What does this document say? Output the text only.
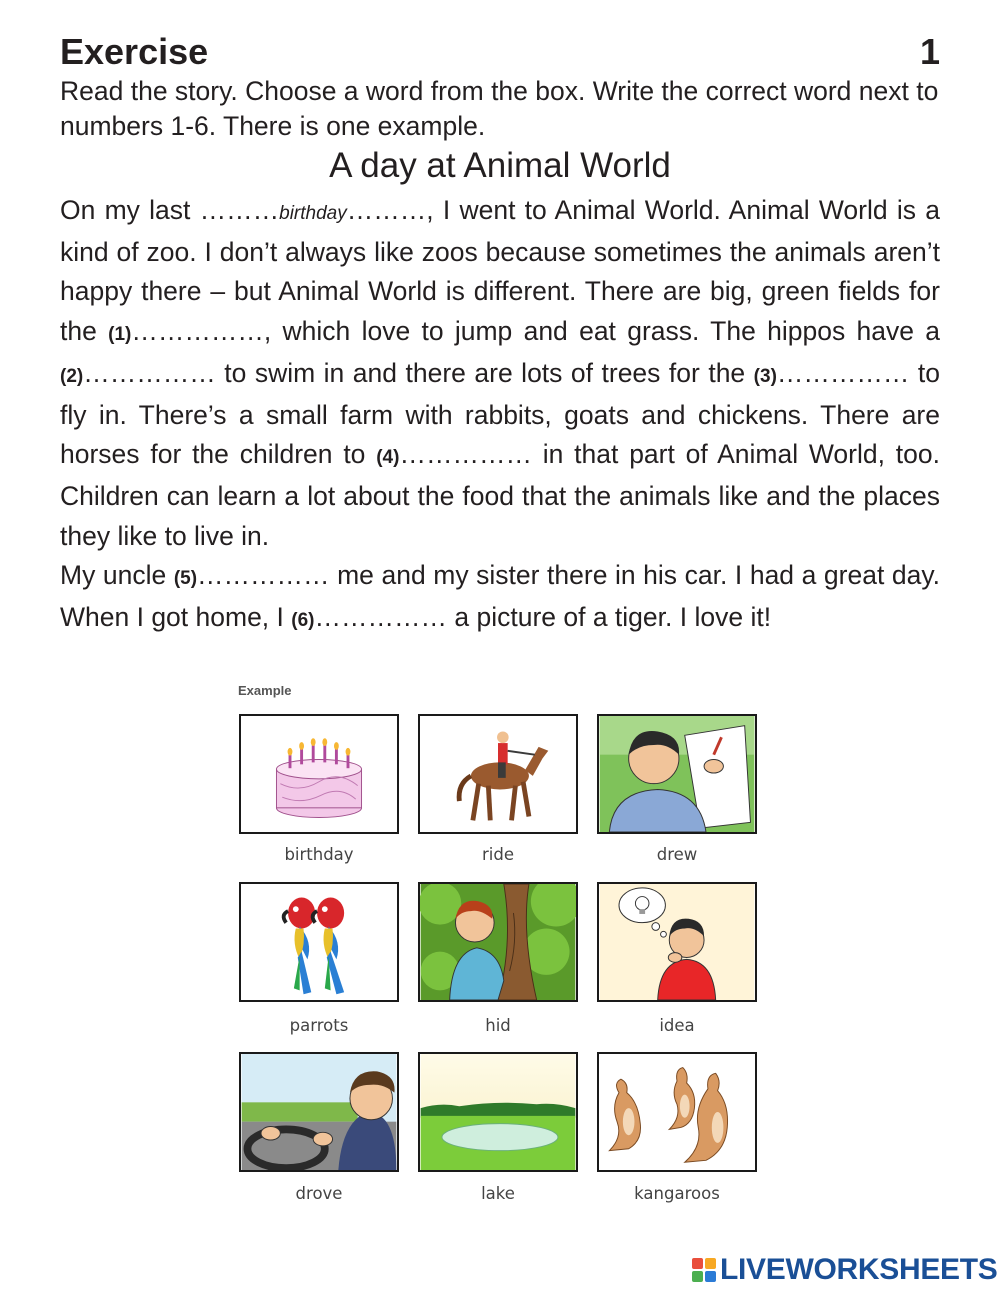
Exercise	1
Read the story. Choose a word from the box. Write the correct word next to numbers 1-6. There is one example.
A day at Animal World

On my last ………birthday………, I went to Animal World. Animal World is a kind of zoo. I don’t always like zoos because sometimes the animals aren’t happy there – but Animal World is different. There are big, green fields for the (1)……………, which love to jump and eat grass. The hippos have a (2)…………… to swim in and there are lots of trees for the (3)…………… to fly in. There’s a small farm with rabbits, goats and chickens. There are horses for the children to (4)…………… in that part of Animal World, too. Children can learn a lot about the food that the animals like and the places they like to live in.

My uncle (5)…………… me and my sister there in his car. I had a great day. When I got home, I (6)…………… a picture of a tiger. I love it!

Example
birthday	ride	drew
parrots	hid	idea
drove	lake	kangaroos
LIVEWORKSHEETS
